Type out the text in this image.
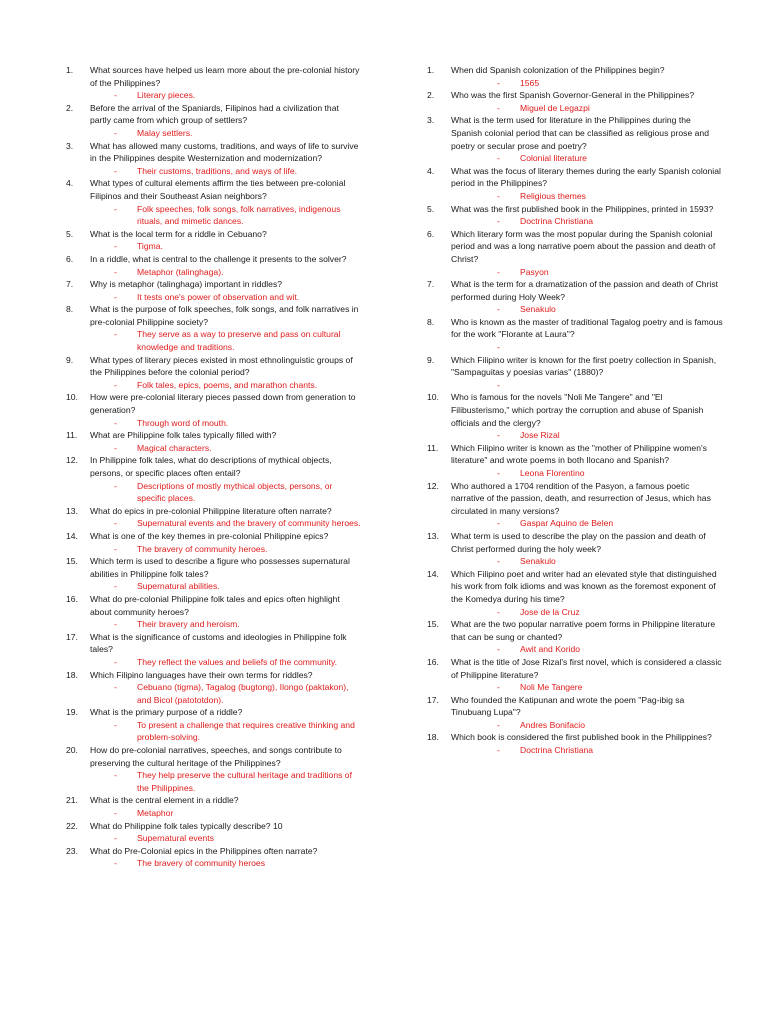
1.	What sources have helped us learn more about the pre-colonial history of the Philippines?
- Literary pieces.
2.	Before the arrival of the Spaniards, Filipinos had a civilization that partly came from which group of settlers?
- Malay settlers.
3.	What has allowed many customs, traditions, and ways of life to survive in the Philippines despite Westernization and modernization?
- Their customs, traditions, and ways of life.
4.	What types of cultural elements affirm the ties between pre-colonial Filipinos and their Southeast Asian neighbors?
- Folk speeches, folk songs, folk narratives, indigenous rituals, and mimetic dances.
5.	What is the local term for a riddle in Cebuano?
- Tigma.
6.	In a riddle, what is central to the challenge it presents to the solver?
- Metaphor (talinghaga).
7.	Why is metaphor (talinghaga) important in riddles?
- It tests one's power of observation and wit.
8.	What is the purpose of folk speeches, folk songs, and folk narratives in pre-colonial Philippine society?
- They serve as a way to preserve and pass on cultural knowledge and traditions.
9.	What types of literary pieces existed in most ethnolinguistic groups of the Philippines before the colonial period?
- Folk tales, epics, poems, and marathon chants.
10.	How were pre-colonial literary pieces passed down from generation to generation?
- Through word of mouth.
11.	What are Philippine folk tales typically filled with?
- Magical characters.
12.	In Philippine folk tales, what do descriptions of mythical objects, persons, or specific places often entail?
- Descriptions of mostly mythical objects, persons, or specific places.
13.	What do epics in pre-colonial Philippine literature often narrate?
- Supernatural events and the bravery of community heroes.
14.	What is one of the key themes in pre-colonial Philippine epics?
- The bravery of community heroes.
15.	Which term is used to describe a figure who possesses supernatural abilities in Philippine folk tales?
- Supernatural abilities.
16.	What do pre-colonial Philippine folk tales and epics often highlight about community heroes?
- Their bravery and heroism.
17.	What is the significance of customs and ideologies in Philippine folk tales?
- They reflect the values and beliefs of the community.
18.	Which Filipino languages have their own terms for riddles?
- Cebuano (tigma), Tagalog (bugtong), Ilongo (paktakon), and Bicol (patototdon).
19.	What is the primary purpose of a riddle?
- To present a challenge that requires creative thinking and problem-solving.
20.	How do pre-colonial narratives, speeches, and songs contribute to preserving the cultural heritage of the Philippines?
- They help preserve the cultural heritage and traditions of the Philippines.
21.	What is the central element in a riddle?
- Metaphor
22.	What do Philippine folk tales typically describe? 10
- Supernatural events
23.	What do Pre-Colonial epics in the Philippines often narrate?
- The bravery of community heroes
1.	When did Spanish colonization of the Philippines begin?
- 1565
2.	Who was the first Spanish Governor-General in the Philippines?
- Miguel de Legazpi
3.	What is the term used for literature in the Philippines during the Spanish colonial period that can be classified as religious prose and poetry or secular prose and poetry?
- Colonial literature
4.	What was the focus of literary themes during the early Spanish colonial period in the Philippines?
- Religious themes
5.	What was the first published book in the Philippines, printed in 1593?
- Doctrina Christiana
6.	Which literary form was the most popular during the Spanish colonial period and was a long narrative poem about the passion and death of Christ?
- Pasyon
7.	What is the term for a dramatization of the passion and death of Christ performed during Holy Week?
- Senakulo
8.	Who is known as the master of traditional Tagalog poetry and is famous for the work "Florante at Laura"?
-
9.	Which Filipino writer is known for the first poetry collection in Spanish, "Sampaguitas y poesias varias" (1880)?
-
10.	Who is famous for the novels "Noli Me Tangere" and "El Filibusterismo," which portray the corruption and abuse of Spanish officials and the clergy?
- Jose Rizal
11.	Which Filipino writer is known as the "mother of Philippine women's literature" and wrote poems in both Ilocano and Spanish?
- Leona Florentino
12.	Who authored a 1704 rendition of the Pasyon, a famous poetic narrative of the passion, death, and resurrection of Jesus, which has circulated in many versions?
- Gaspar Aquino de Belen
13.	What term is used to describe the play on the passion and death of Christ performed during the holy week?
- Senakulo
14.	Which Filipino poet and writer had an elevated style that distinguished his work from folk idioms and was known as the foremost exponent of the Komedya during his time?
- Jose de la Cruz
15.	What are the two popular narrative poem forms in Philippine literature that can be sung or chanted?
- Awit and Korido
16.	What is the title of Jose Rizal's first novel, which is considered a classic of Philippine literature?
- Noli Me Tangere
17.	Who founded the Katipunan and wrote the poem "Pag-ibig sa Tinubuang Lupa"?
- Andres Bonifacio
18.	Which book is considered the first published book in the Philippines?
- Doctrina Christiana
